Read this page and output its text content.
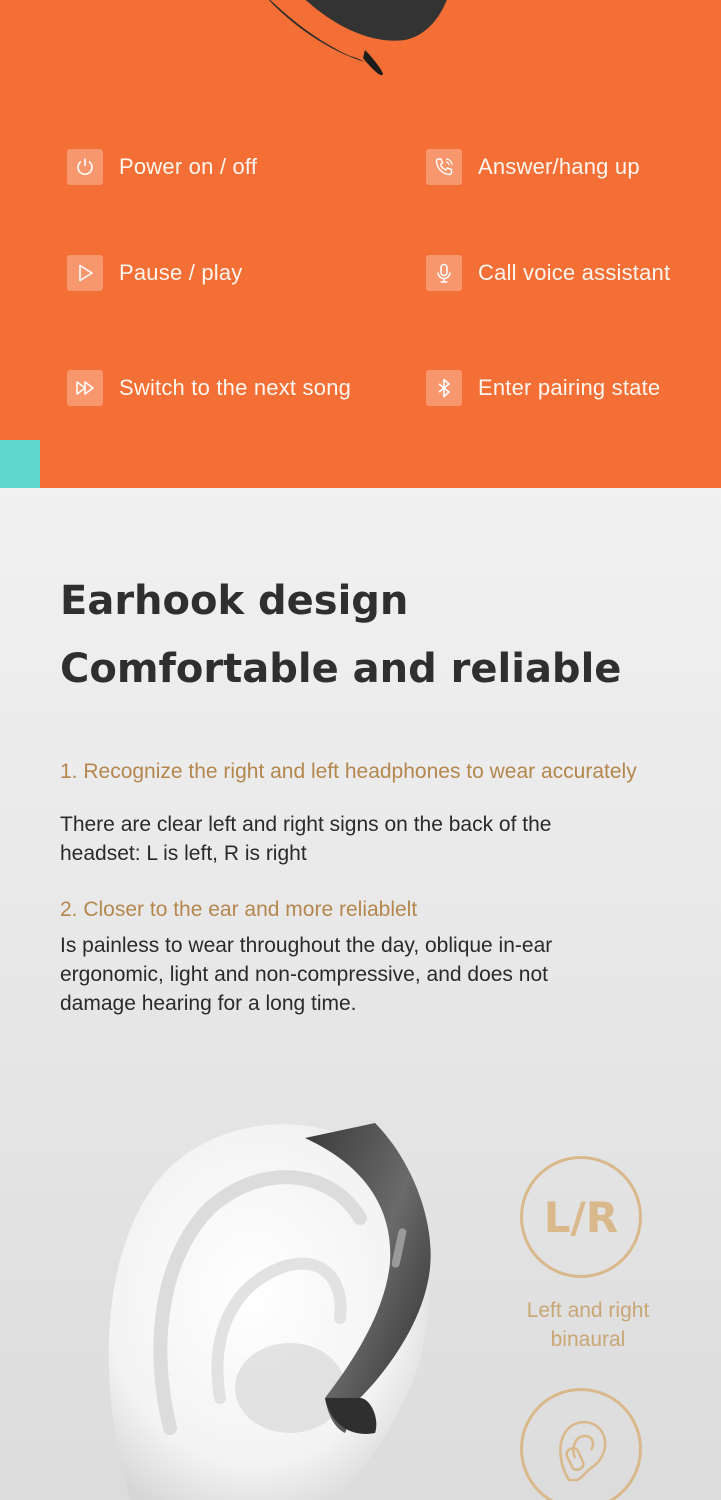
Power on / off	Answer/hang up
Pause / play	Call voice assistant
Switch to the next song	Enter pairing state
Earhook design
Comfortable and reliable
1. Recognize the right and left headphones to wear accurately
There are clear left and right signs on the back of the headset: L is left, R is right
2. Closer to the ear and more reliablelt
Is painless to wear throughout the day, oblique in-ear ergonomic, light and non-compressive, and does not damage hearing for a long time.
L/R
Left and right binaural
